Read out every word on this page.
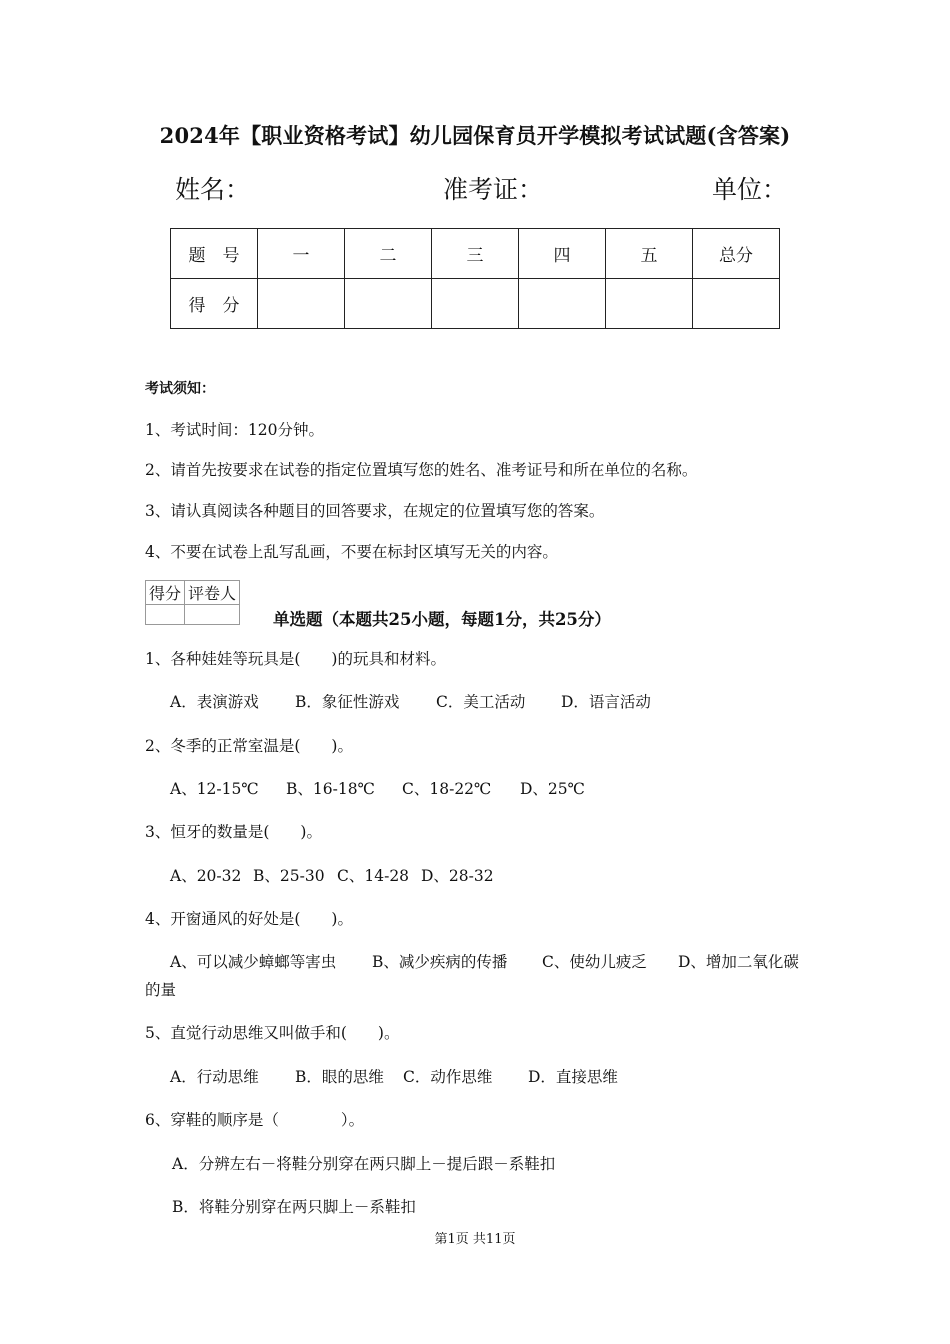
2024年【职业资格考试】幼儿园保育员开学模拟考试试题(含答案)
姓名：	准考证：	单位：
题　号	一	二	三	四	五	总分
得　分						
考试须知：
1、考试时间：120分钟。
2、请首先按要求在试卷的指定位置填写您的姓名、准考证号和所在单位的名称。
3、请认真阅读各种题目的回答要求，在规定的位置填写您的答案。
4、不要在试卷上乱写乱画，不要在标封区填写无关的内容。
得分	评卷人

单选题（本题共25小题，每题1分，共25分）
1、各种娃娃等玩具是(　　)的玩具和材料。
A．表演游戏 B．象征性游戏 C．美工活动 D．语言活动
2、冬季的正常室温是(　　)。
A、12-15℃ B、16-18℃ C、18-22℃ D、25℃
3、恒牙的数量是(　　)。
A、20-32 B、25-30 C、14-28 D、28-32
4、开窗通风的好处是(　　)。
A、可以减少蟑螂等害虫 B、减少疾病的传播 C、使幼儿疲乏 D、增加二氧化碳
的量
5、直觉行动思维又叫做手和(　　)。
A．行动思维 B．眼的思维 C．动作思维 D．直接思维
6、穿鞋的顺序是（　　　　）。
A．分辨左右－将鞋分别穿在两只脚上－提后跟－系鞋扣
B．将鞋分别穿在两只脚上－系鞋扣
第1页 共11页
